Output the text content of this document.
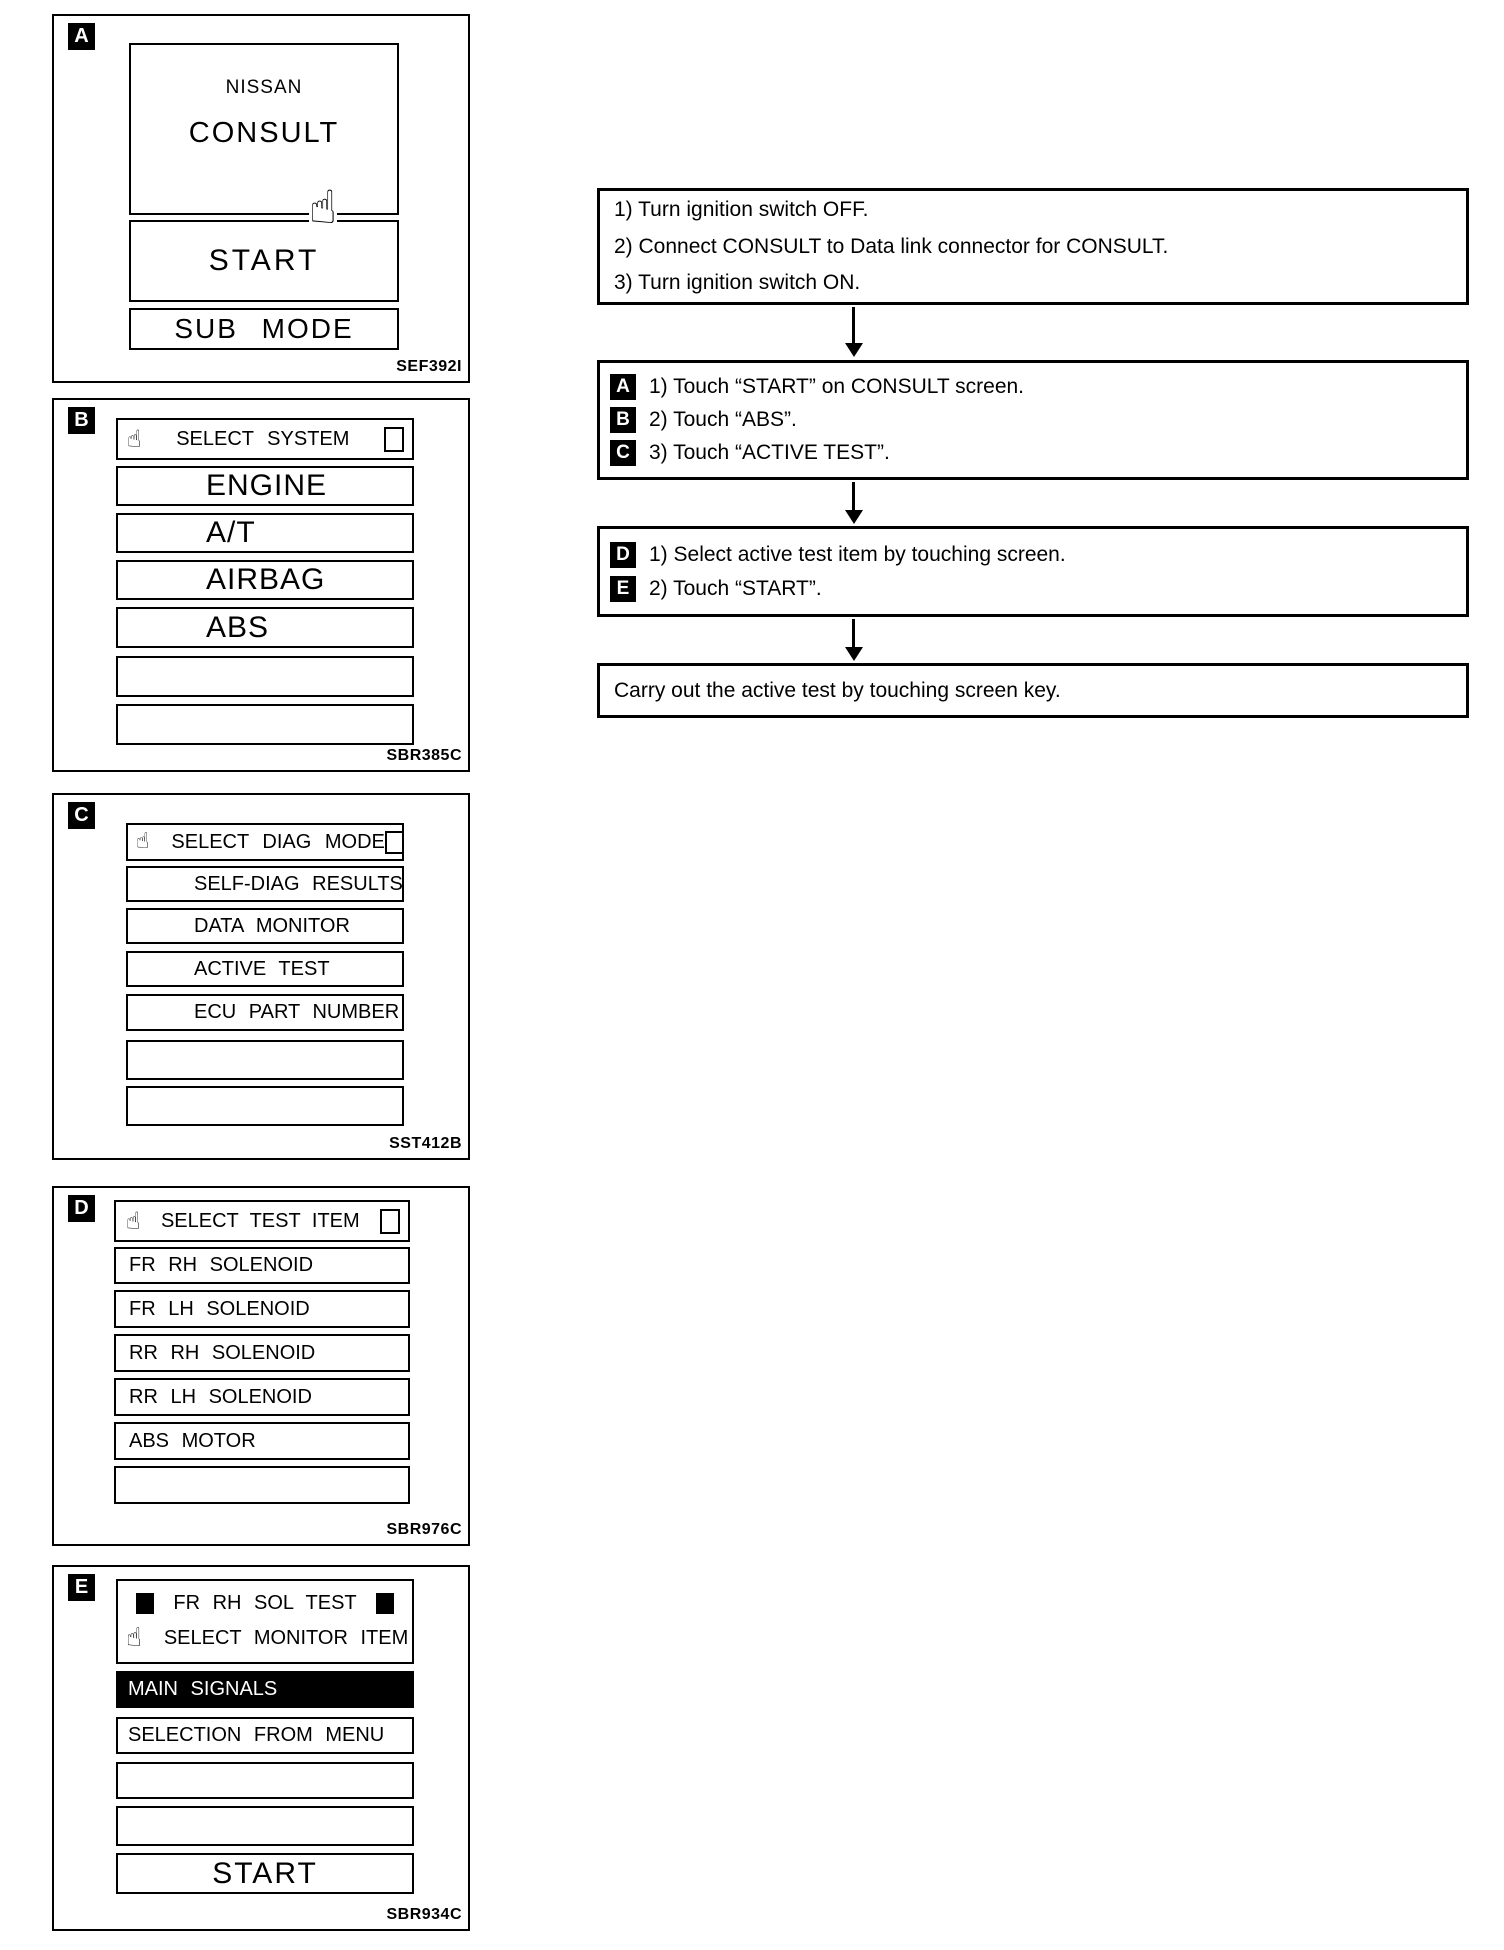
A
NISSAN
CONSULT
☝
START
SUB MODE
SEF392I
B
☝	SELECT SYSTEM
ENGINE
A/T
AIRBAG
ABS
SBR385C
C
☝ SELECT DIAG MODE
SELF-DIAG RESULTS
DATA MONITOR
ACTIVE TEST
ECU PART NUMBER
SST412B
D ☝	SELECT TEST ITEM
FR RH SOLENOID
FR LH SOLENOID
RR RH SOLENOID
RR LH SOLENOID
ABS MOTOR
SBR976C
E
FR RH SOL TEST
☝ SELECT MONITOR ITEM
MAIN SIGNALS
SELECTION FROM MENU
START
SBR934C
1) Turn ignition switch OFF.
2) Connect CONSULT to Data link connector for CONSULT.
3) Turn ignition switch ON.
A 1) Touch “START” on CONSULT screen.
B 2) Touch “ABS”.
C 3) Touch “ACTIVE TEST”.
D 1) Select active test item by touching screen.
E 2) Touch “START”.
Carry out the active test by touching screen key.
